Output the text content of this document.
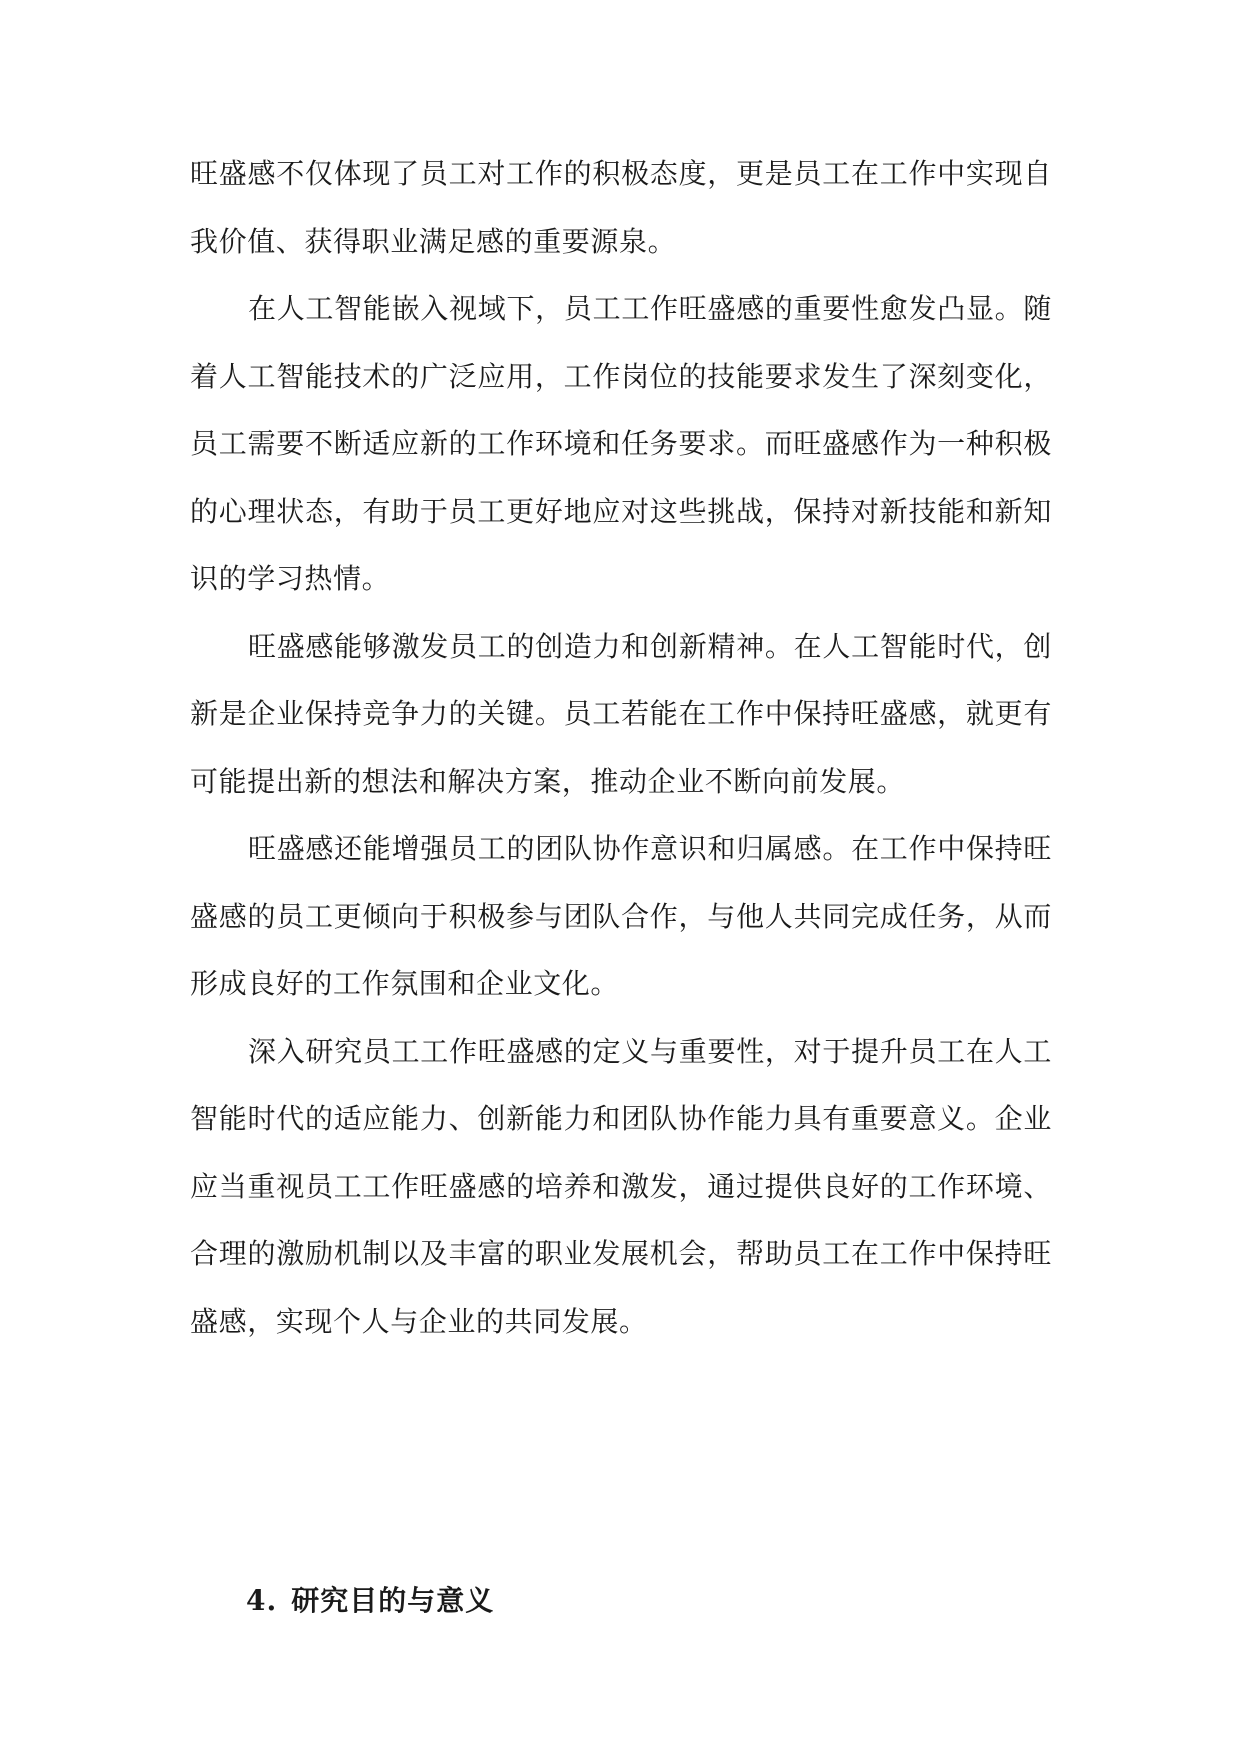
旺盛感不仅体现了员工对工作的积极态度，更是员工在工作中实现自我价值、获得职业满足感的重要源泉。

在人工智能嵌入视域下，员工工作旺盛感的重要性愈发凸显。随着人工智能技术的广泛应用，工作岗位的技能要求发生了深刻变化，员工需要不断适应新的工作环境和任务要求。而旺盛感作为一种积极的心理状态，有助于员工更好地应对这些挑战，保持对新技能和新知识的学习热情。

旺盛感能够激发员工的创造力和创新精神。在人工智能时代，创新是企业保持竞争力的关键。员工若能在工作中保持旺盛感，就更有可能提出新的想法和解决方案，推动企业不断向前发展。

旺盛感还能增强员工的团队协作意识和归属感。在工作中保持旺盛感的员工更倾向于积极参与团队合作，与他人共同完成任务，从而形成良好的工作氛围和企业文化。

深入研究员工工作旺盛感的定义与重要性，对于提升员工在人工智能时代的适应能力、创新能力和团队协作能力具有重要意义。企业应当重视员工工作旺盛感的培养和激发，通过提供良好的工作环境、合理的激励机制以及丰富的职业发展机会，帮助员工在工作中保持旺盛感，实现个人与企业的共同发展。

4. 研究目的与意义
